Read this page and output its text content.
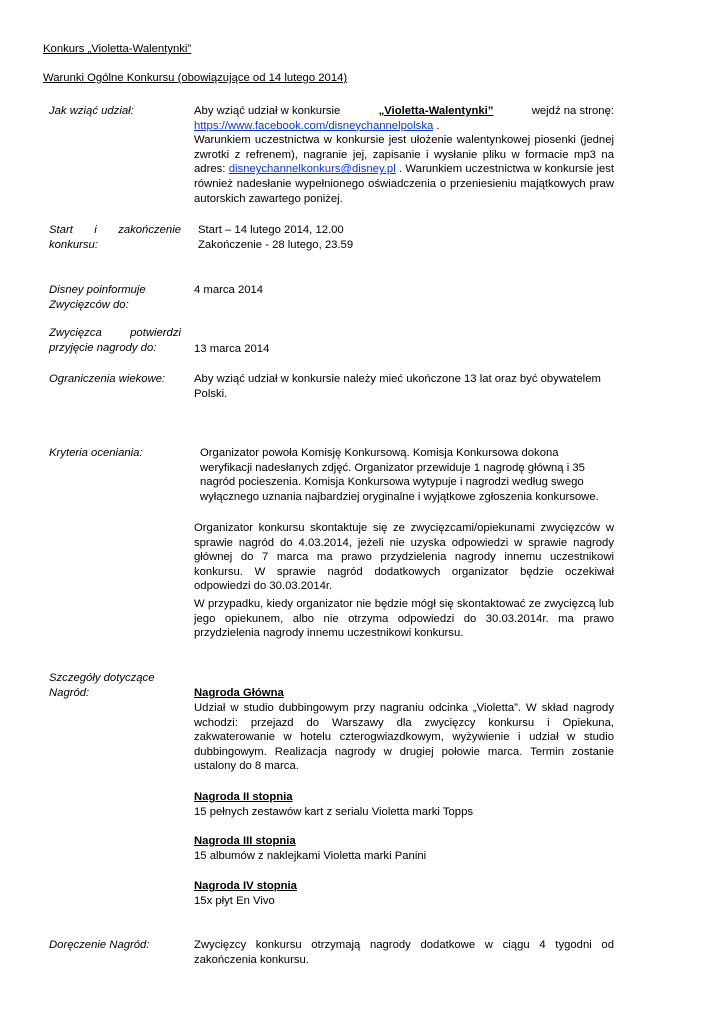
Konkurs „Violetta-Walentynki”
Warunki Ogólne Konkursu (obowiązujące od 14 lutego 2014)
Jak wziąć udział:	Aby wziąć udział w konkursie	„Violetta-Walentynki”	wejdź na stronę:

https://www.facebook.com/disneychannelpolska .

Warunkiem uczestnictwa w konkursie jest ułożenie walentynkowej piosenki (jednej zwrotki z refrenem), nagranie jej, zapisanie i wysłanie pliku w formacie mp3 na adres: disneychannelkonkurs@disney.pl . Warunkiem uczestnictwa w konkursie jest również nadesłanie wypełnionego oświadczenia o przeniesieniu majątkowych praw autorskich zawartego poniżej.

Start i zakończenie konkursu:
Start – 14 lutego 2014, 12.00
Zakończenie - 28 lutego, 23.59
Disney poinformuje Zwycięzców do:
4 marca 2014
Zwycięzca potwierdzi przyjęcie nagrody do:	13 marca 2014
Ograniczenia wiekowe:	Aby wziąć udział w konkursie należy mieć ukończone 13 lat oraz być obywatelem Polski.
Kryteria oceniania:	Organizator powoła Komisję Konkursową. Komisja Konkursowa dokona weryfikacji nadesłanych zdjęć. Organizator przewiduje 1 nagrodę główną i 35 nagród pocieszenia. Komisja Konkursowa wytypuje i nagrodzi według swego wyłącznego uznania najbardziej oryginalne i wyjątkowe zgłoszenia konkursowe.
Organizator konkursu skontaktuje się ze zwycięzcami/opiekunami zwycięzców w sprawie nagród do 4.03.2014, jeżeli nie uzyska odpowiedzi w sprawie nagrody głównej do 7 marca ma prawo przydzielenia nagrody innemu uczestnikowi konkursu. W sprawie nagród dodatkowych organizator będzie oczekiwał odpowiedzi do 30.03.2014r.
W przypadku, kiedy organizator nie będzie mógł się skontaktować ze zwycięzcą lub jego opiekunem, albo nie otrzyma odpowiedzi do 30.03.2014r. ma prawo przydzielenia nagrody innemu uczestnikowi konkursu.
Szczegóły dotyczące
Nagród:	Nagroda Główna
Udział w studio dubbingowym przy nagraniu odcinka „Violetta”. W skład nagrody wchodzi: przejazd do Warszawy dla zwycięzcy konkursu i Opiekuna, zakwaterowanie w hotelu czterogwiazdkowym, wyżywienie i udział w studio dubbingowym. Realizacja nagrody w drugiej połowie marca. Termin zostanie ustalony do 8 marca.
Nagroda II stopnia
15 pełnych zestawów kart z serialu Violetta marki Topps
Nagroda III stopnia
15 albumów z naklejkami Violetta marki Panini
Nagroda IV stopnia
15x płyt En Vivo
Doręczenie Nagród:	Zwycięzcy konkursu otrzymają nagrody dodatkowe w ciągu 4 tygodni od zakończenia konkursu.
